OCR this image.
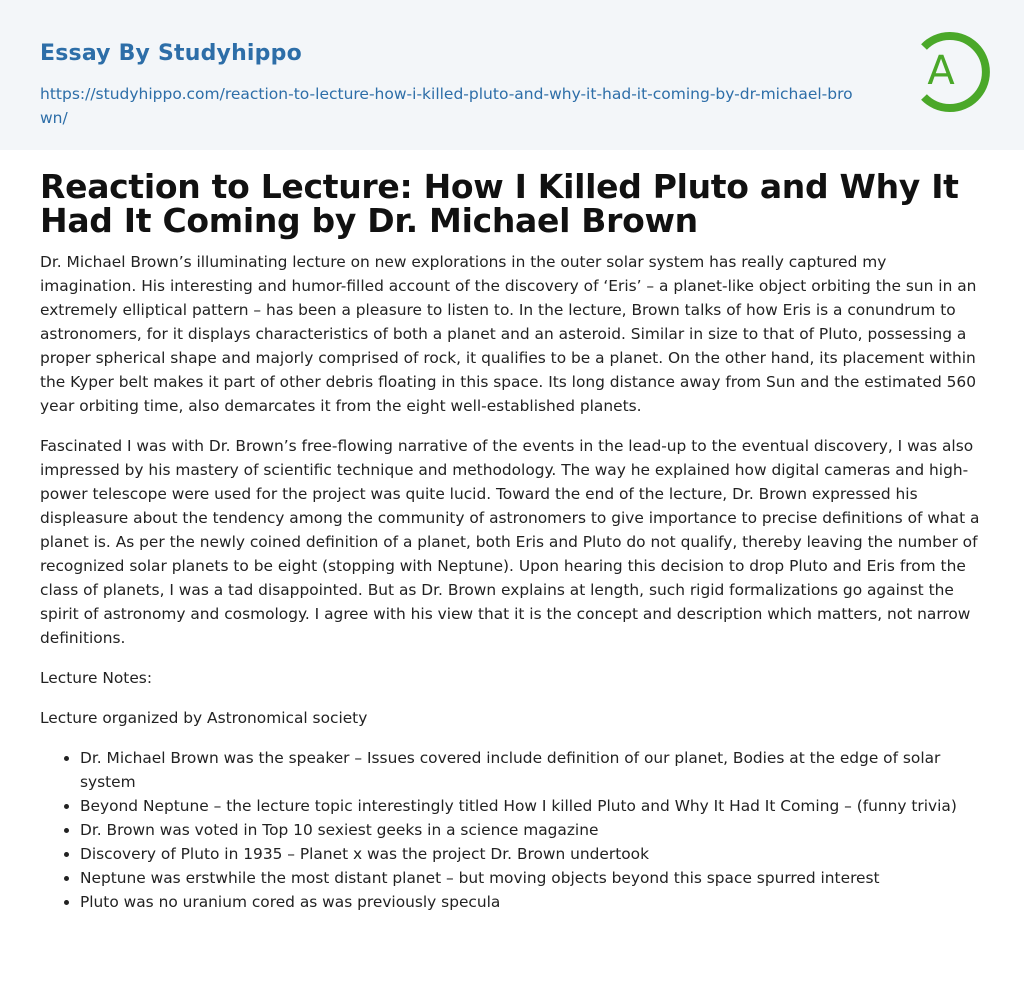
Essay By Studyhippo
https://studyhippo.com/reaction-to-lecture-how-i-killed-pluto-and-why-it-had-it-coming-by-dr-michael-brown/
A
Reaction to Lecture: How I Killed Pluto and Why It Had It Coming by Dr. Michael Brown

Dr. Michael Brown’s illuminating lecture on new explorations in the outer solar system has really captured my imagination. His interesting and humor-filled account of the discovery of ‘Eris’ – a planet-like object orbiting the sun in an extremely elliptical pattern – has been a pleasure to listen to. In the lecture, Brown talks of how Eris is a conundrum to astronomers, for it displays characteristics of both a planet and an asteroid. Similar in size to that of Pluto, possessing a proper spherical shape and majorly comprised of rock, it qualifies to be a planet. On the other hand, its placement within the Kyper belt makes it part of other debris floating in this space. Its long distance away from Sun and the estimated 560 year orbiting time, also demarcates it from the eight well-established planets.

Fascinated I was with Dr. Brown’s free-flowing narrative of the events in the lead-up to the eventual discovery, I was also impressed by his mastery of scientific technique and methodology. The way he explained how digital cameras and high-power telescope were used for the project was quite lucid. Toward the end of the lecture, Dr. Brown expressed his displeasure about the tendency among the community of astronomers to give importance to precise definitions of what a planet is. As per the newly coined definition of a planet, both Eris and Pluto do not qualify, thereby leaving the number of recognized solar planets to be eight (stopping with Neptune). Upon hearing this decision to drop Pluto and Eris from the class of planets, I was a tad disappointed. But as Dr. Brown explains at length, such rigid formalizations go against the spirit of astronomy and cosmology. I agree with his view that it is the concept and description which matters, not narrow definitions.

Lecture Notes:

Lecture organized by Astronomical society

• Dr. Michael Brown was the speaker – Issues covered include definition of our planet, Bodies at the edge of solar system
• Beyond Neptune – the lecture topic interestingly titled How I killed Pluto and Why It Had It Coming – (funny trivia)
• Dr. Brown was voted in Top 10 sexiest geeks in a science magazine
• Discovery of Pluto in 1935 – Planet x was the project Dr. Brown undertook
• Neptune was erstwhile the most distant planet – but moving objects beyond this space spurred interest
• Pluto was no uranium cored as was previously specula
